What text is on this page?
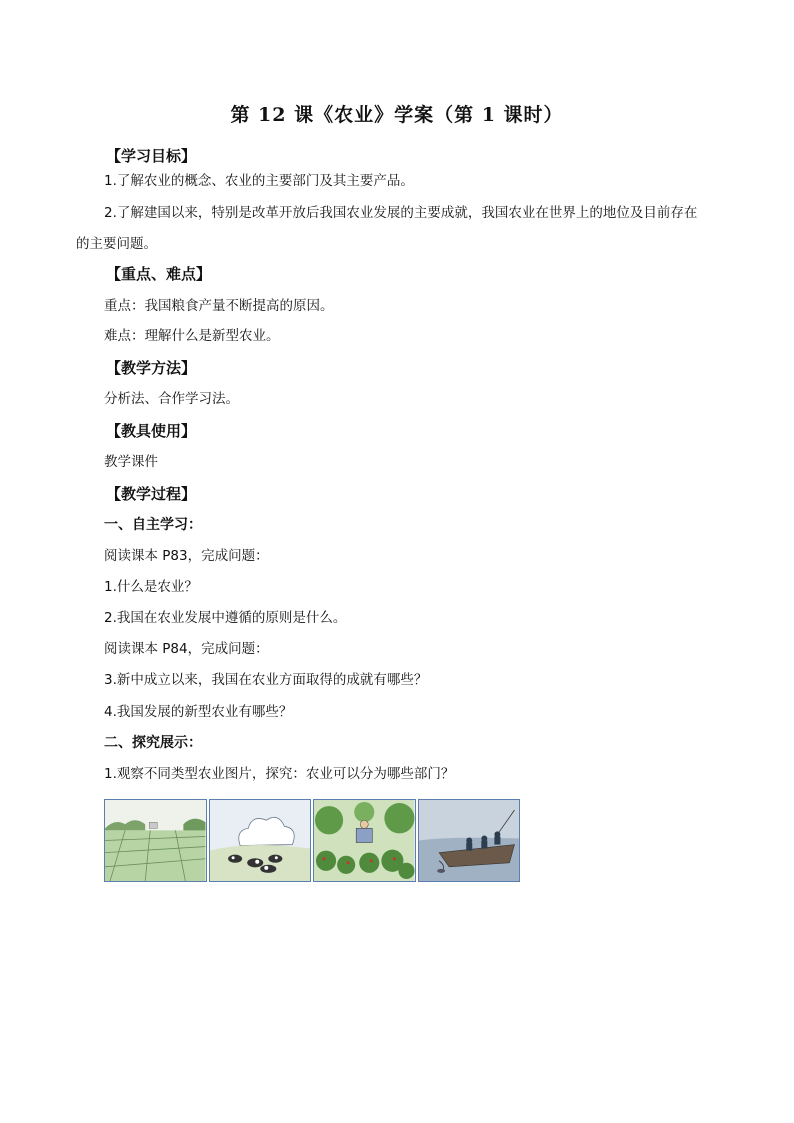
第 12 课《农业》学案（第 1 课时）
【学习目标】
1.了解农业的概念、农业的主要部门及其主要产品。
2.了解建国以来，特别是改革开放后我国农业发展的主要成就，我国农业在世界上的地位及目前存在
的主要问题。
【重点、难点】
重点：我国粮食产量不断提高的原因。
难点：理解什么是新型农业。
【教学方法】
分析法、合作学习法。
【教具使用】
教学课件
【教学过程】
一、自主学习：
阅读课本 P83，完成问题：
1.什么是农业？
2.我国在农业发展中遵循的原则是什么。
阅读课本 P84，完成问题：
3.新中成立以来，我国在农业方面取得的成就有哪些？
4.我国发展的新型农业有哪些？
二、探究展示：
1.观察不同类型农业图片，探究：农业可以分为哪些部门？
